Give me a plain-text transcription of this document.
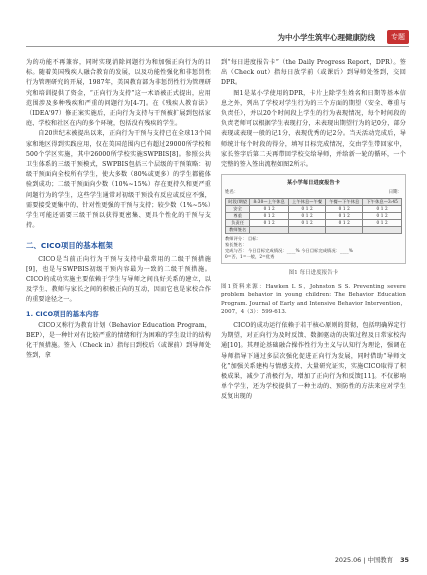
为中小学生筑牢心理健康防线	专题

为的功能不再兼容，同时实现消除问题行为和加强正向行为的目标。随着美国残疾人融合教育的发展，以及功能性强化和非惩罚性行为管理研究的开展，1987年，美国教育部为非惩罚性行为管理研究和培训提供了资金，“正向行为支持”这一术语被正式提出，应用范围涉及多种残疾和严重的问题行为[4-7]。在《残疾人教育法》（IDEA'97）修正案实施后，正向行为支持与干预被扩展到包括家庭、学校和社区在内的多个环境，包括没有残疾的学生。

自20世纪末被提出以来，正向行为干预与支持已在全球13个国家和地区得到实践应用，仅在美国范围内已有超过29000所学校和500个学区实施，其中26000所学校实施SWPBIS[8]。参照公共卫生体系的三级干预模式，SWPBIS包括三个层级的干预策略：初级干预面向全校所有学生，使大多数（80%或更多）的学生都能体验到成功；二级干预面向少数（10%~15%）存在更持久和更严重问题行为的学生，这些学生通常对初级干预没有反应或反应不强，需要接受更集中的、针对性更强的干预与支持；较少数（1%~5%）学生可能还需要三级干预以获得更密集、更具个性化的干预与支持。

二、CICO项目的基本框架

CICO是当前正向行为干预与支持中最常用的二级干预措施[9]，也是与SWPBIS初级干预内容最为一致的二级干预措施。CICO的成功实施主要依赖于学生与导师之间良好关系的建立，以及学生、教师与家长之间的积极正向的互动，因而它也是家校合作的重要途径之一。

1. CICO项目的基本内容

CICO又称行为教育计划（Behavior Education Program，BEP），是一种针对有比较严重的情绪和行为困难的学生设计的结构化干预措施。签入（Check in）指每日到校后（或课前）到导师处签到，拿

到“每日进度报告卡”（the Daily Progress Report，DPR）。签出（Check out）指每日放学前（或课后）到导师处签到，交回DPR。

图1是某小学使用的DPR，卡片上除学生姓名和日期等基本信息之外，列出了学校对学生行为的三个方面的期望（安全、尊重与负责任），并以20个时间段上学生的行为表现情况，每个时间段的负责老师可以根据学生表现打分，未表现出期望行为的记0分，部分表现或表现一般的记1分，表现优秀的记2分。当天活动完成后，导师统计每个时段的得分，填写目标完成情况，交由学生带回家中，家长签字后第二天再带回学校交给导师，并给新一轮的循环，一个完整的签入签出流程如图2所示。

某小学每日进度报告卡
姓名：	日期：
时段/期望	8:30—上午休息	上午休息—午餐	午餐—下午休息	下午休息—3:45
安全	0 1 2	0 1 2	0 1 2	0 1 2
尊重	0 1 2	0 1 2	0 1 2	0 1 2
负责任	0 1 2	0 1 2	0 1 2	0 1 2
教师签名				
教师评分： 目标：
家长签名：
完成与否： 今日目标完成情况：____% 今日目标完成情况：____%
0=否，1=一般，2=优秀
图1 每日进度报告卡

图1资料来源：Hawken L S，Johnston S S. Preventing severe problem behavior in young children: The Behavior Education Program. Journal of Early and Intensive Behavior Intervention，2007，4（3）：599-613.

CICO的成功运行依赖于若干核心原则的贯彻，包括明确界定行为期望，对正向行为及时反馈、数据驱动的决策过程及日常家校沟通[10]。其理论基础融合操作性行为主义与认知行为理论，强调在导师指导下通过多层次强化促进正向行为发展，同时借助“导师文化”加强关系建构与情感支持、大量研究证实，实施CICO取得了积极成果，减少了消极行为，增加了正向行为和反馈[11]。不仅影响单个学生，还为学校提供了一种主动的、预防性的方法来应对学生反复出现的

2025.06 | 中国教育 35
